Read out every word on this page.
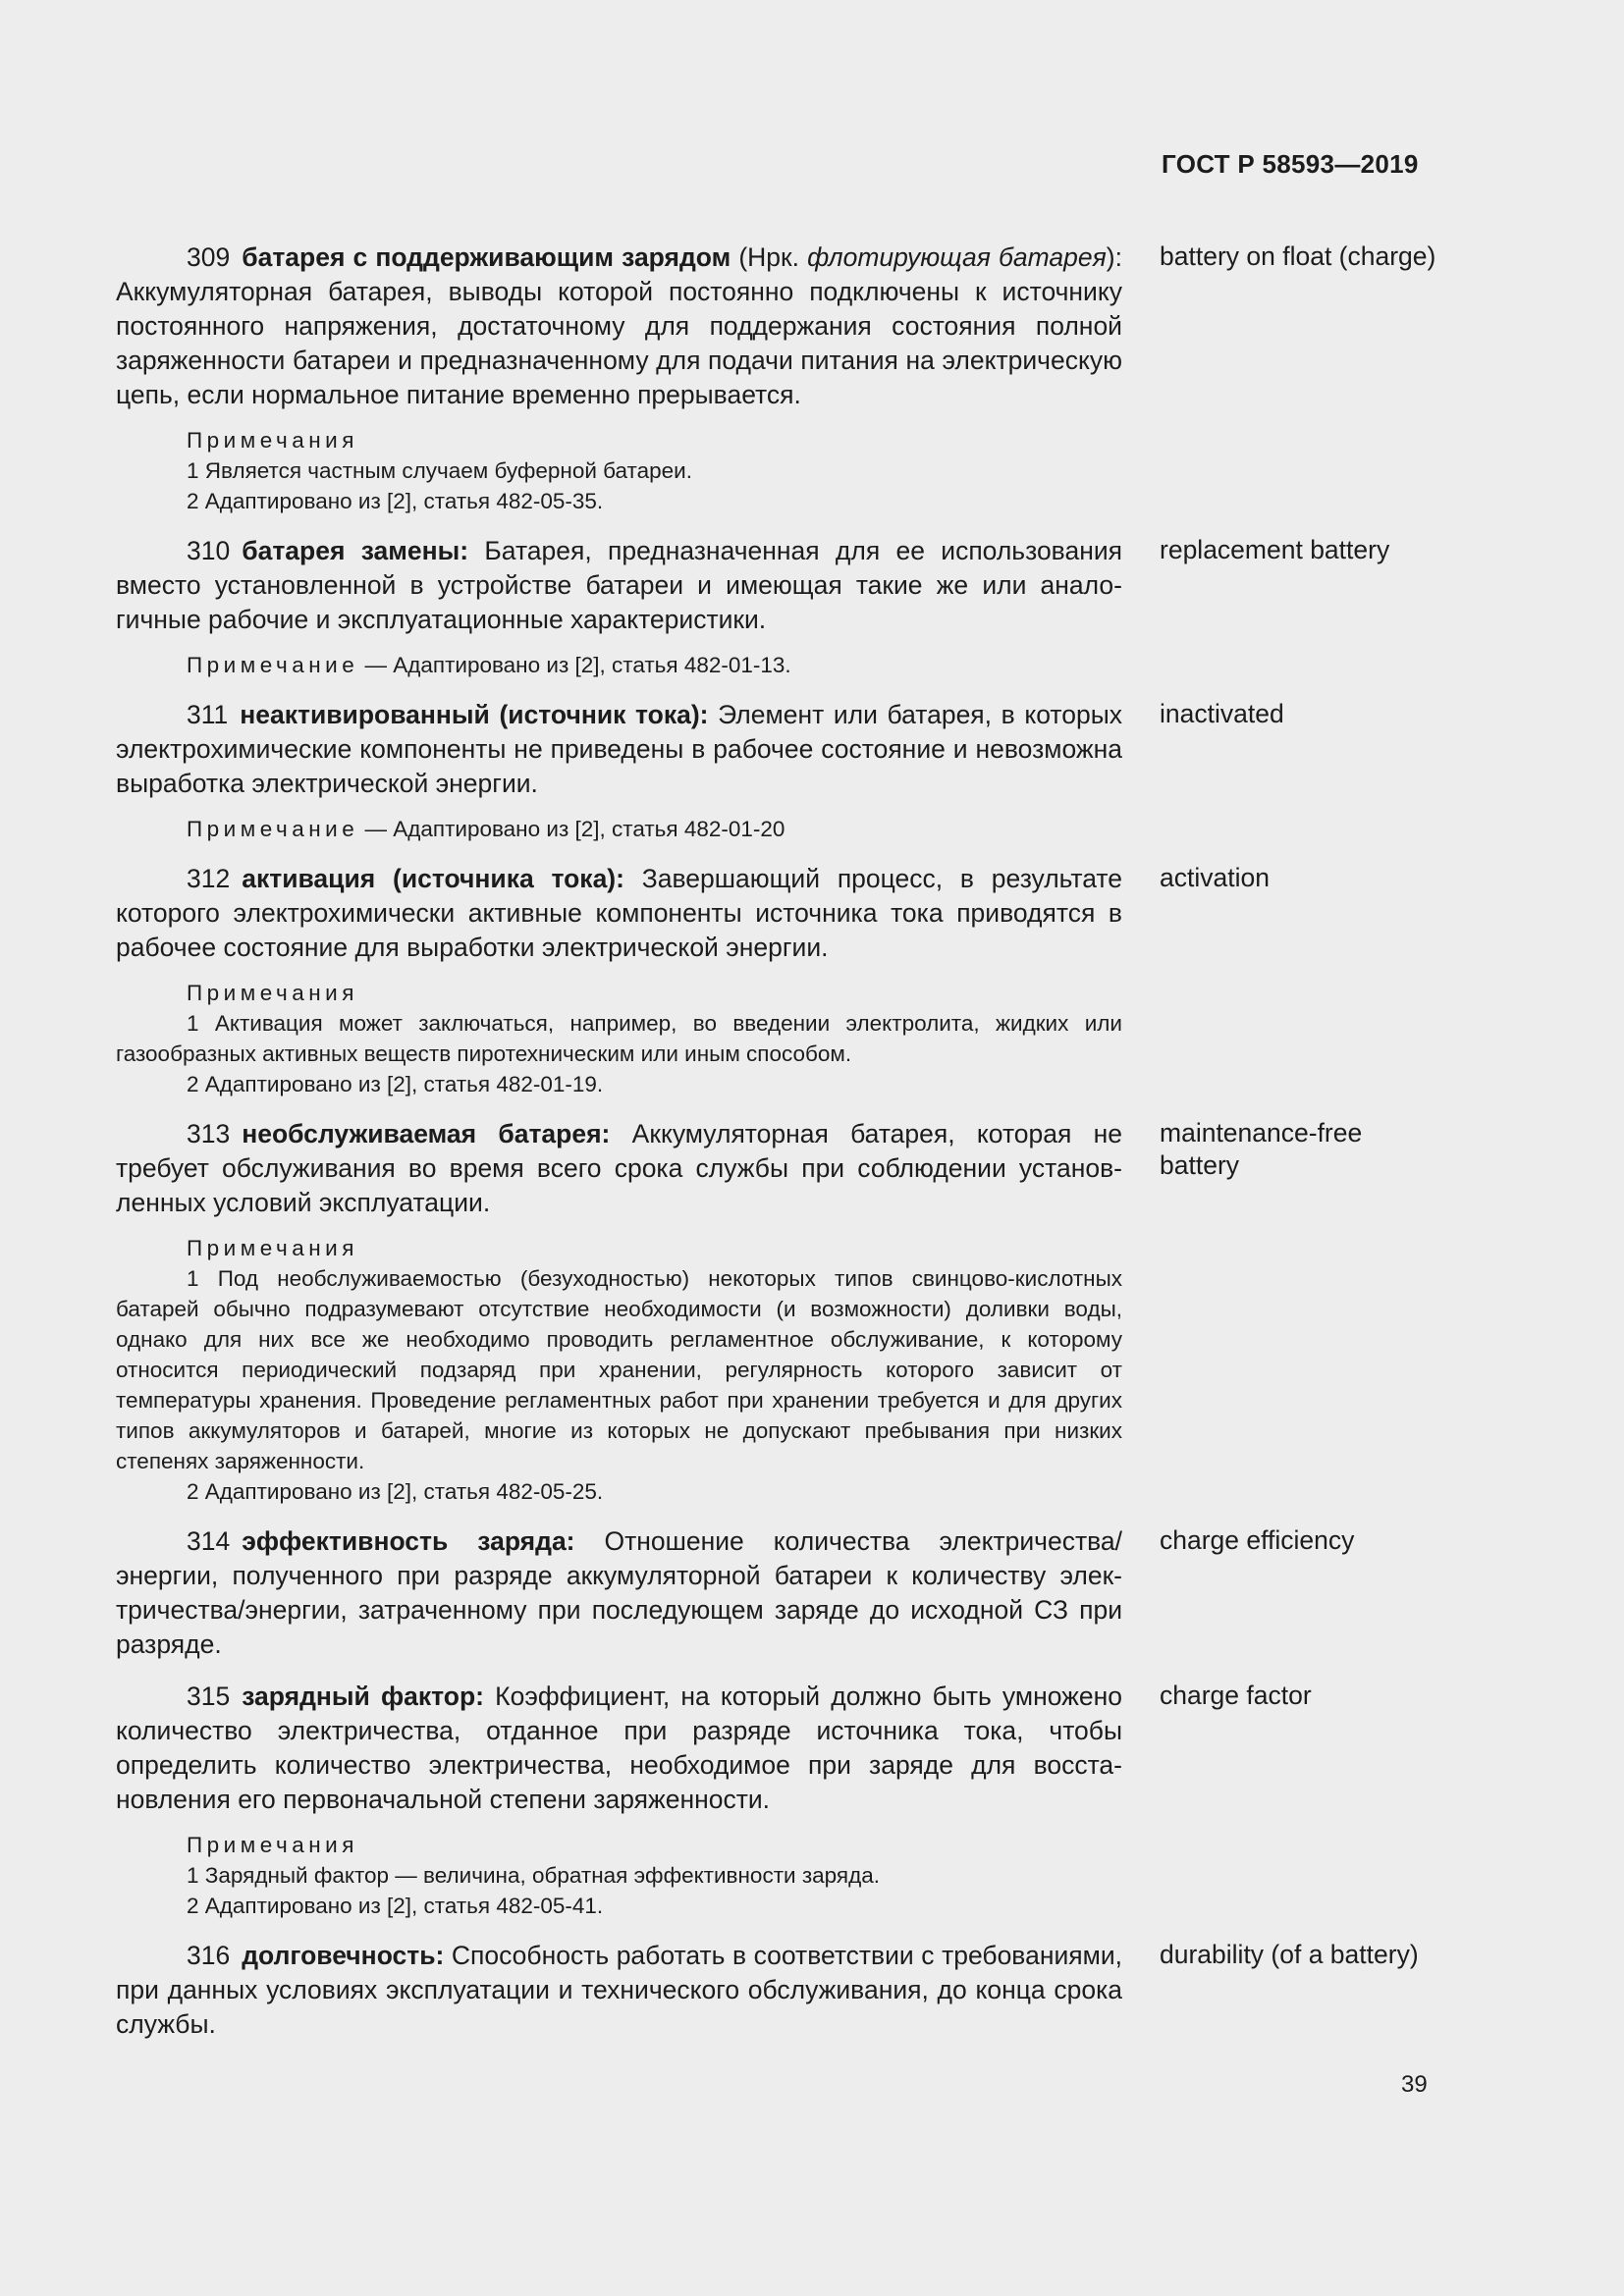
ГОСТ Р 58593—2019

309 батарея с поддерживающим зарядом (Нрк. флотирующая батарея): Аккумуляторная батарея, выводы которой постоянно подключены к источнику постоянного напряжения, достаточному для поддержания состояния полной заряженности батареи и предназначенному для подачи питания на электрическую цепь, если нормальное питание временно прерывается.

battery on float (charge)
Примечания
1 Является частным случаем буферной батареи.
2 Адаптировано из [2], статья 482-05-35.

310 батарея замены: Батарея, предназначенная для ее использования вместо установленной в устройстве батареи и имеющая такие же или аналогичные рабочие и эксплуатационные характеристики.

replacement battery
Примечание — Адаптировано из [2], статья 482-01-13.

311 неактивированный (источник тока): Элемент или батарея, в которых электрохимические компоненты не приведены в рабочее состояние и невозможна выработка электрической энергии.

inactivated
Примечание — Адаптировано из [2], статья 482-01-20

312 активация (источника тока): Завершающий процесс, в результате которого электрохимически активные компоненты источника тока приводятся в рабочее состояние для выработки электрической энергии.

activation
Примечания
1 Активация может заключаться, например, во введении электролита, жидких или газообразных активных веществ пиротехническим или иным способом.
2 Адаптировано из [2], статья 482-01-19.

313 необслуживаемая батарея: Аккумуляторная батарея, которая не требует обслуживания во время всего срока службы при соблюдении установленных условий эксплуатации.

maintenance-free battery
Примечания
1 Под необслуживаемостью (безуходностью) некоторых типов свинцово-кислотных батарей обычно подразумевают отсутствие необходимости (и возможности) доливки воды, однако для них все же необходимо проводить регламентное обслуживание, к которому относится периодический подзаряд при хранении, регулярность которого зависит от температуры хранения. Проведение регламентных работ при хранении требуется и для других типов аккумуляторов и батарей, многие из которых не допускают пребывания при низких степенях заряженности.
2 Адаптировано из [2], статья 482-05-25.

314 эффективность заряда: Отношение количества электричества/ энергии, полученного при разряде аккумуляторной батареи к количеству электричества/энергии, затраченному при последующем заряде до исходной СЗ при разряде.

charge efficiency

315 зарядный фактор: Коэффициент, на который должно быть умножено количество электричества, отданное при разряде источника тока, чтобы определить количество электричества, необходимое при заряде для восстановления его первоначальной степени заряженности.

charge factor
Примечания
1 Зарядный фактор — величина, обратная эффективности заряда.
2 Адаптировано из [2], статья 482-05-41.

316 долговечность: Способность работать в соответствии с требованиями, при данных условиях эксплуатации и технического обслуживания, до конца срока службы.

durability (of a battery)
39
